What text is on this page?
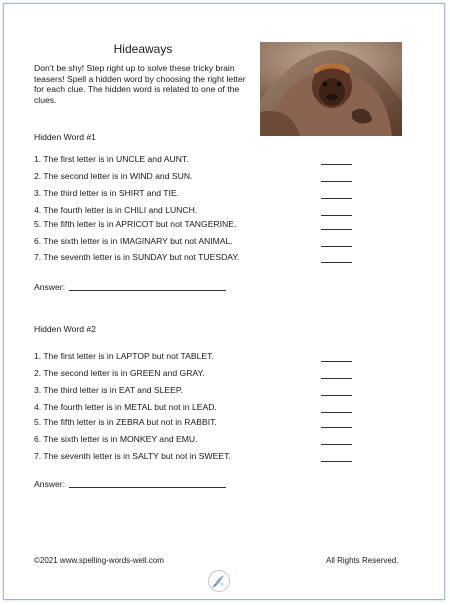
Hideaways
Don’t be shy! Step right up to solve these tricky brain teasers! Spell a hidden word by choosing the right letter for each clue. The hidden word is related to one of the clues.
Hidden Word #1
1. The first letter is in UNCLE and AUNT.
2. The second letter is in WIND and SUN.
3. The third letter is in SHIRT and TIE.
4. The fourth letter is in CHILI and LUNCH.
5. The fifth letter is in APRICOT but not TANGERINE.
6. The sixth letter is in IMAGINARY but not ANIMAL.
7. The seventh letter is in SUNDAY but not TUESDAY.
Answer:
Hidden Word #2
1. The first letter is in LAPTOP but not TABLET.
2. The second letter is in GREEN and GRAY.
3. The third letter is in EAT and SLEEP.
4. The fourth letter is in METAL but not in LEAD.
5. The fifth letter is in ZEBRA but not in RABBIT.
6. The sixth letter is in MONKEY and EMU.
7. The seventh letter is in SALTY but not in SWEET.
Answer:
©2021 www.spelling-words-well.com	All Rights Reserved.
